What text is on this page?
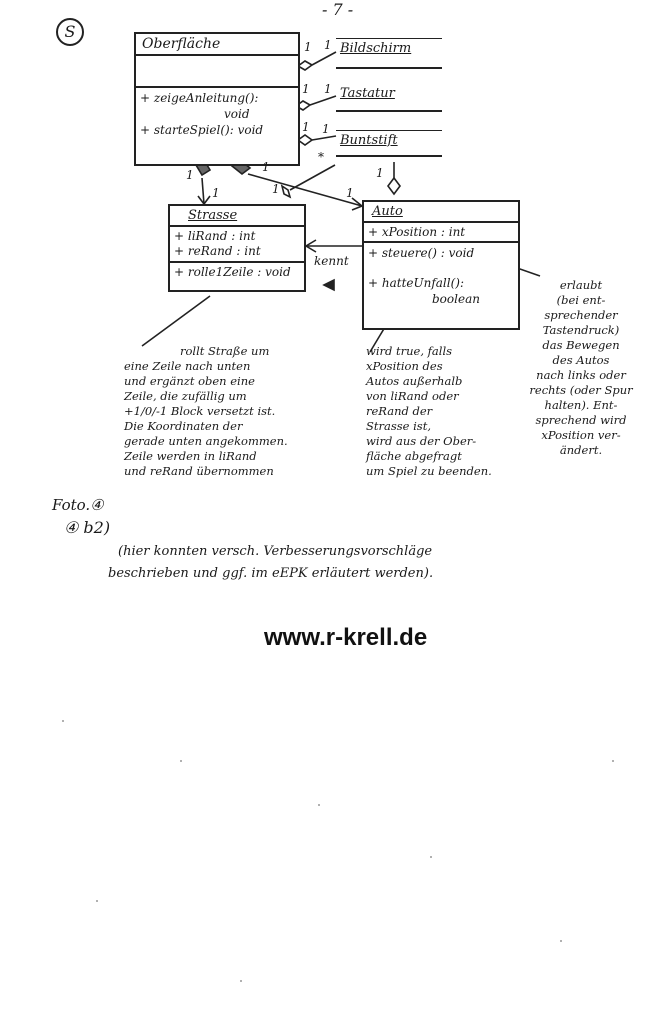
- 7 -
S
Oberfläche
+ zeigeAnleitung():
void
+ starteSpiel(): void
Bildschirm
Tastatur
Buntstift
Strasse
+ liRand : int
+ reRand : int
+ rolle1Zeile : void
Auto
+ xPosition : int
+ steuere() : void
+ hatteUnfall():
boolean
1
1
1
1
1
1
*
1
1	1
1
1
1
kennt
rollt Straße um
eine Zeile nach unten
und ergänzt oben eine
Zeile, die zufällig um
+1/0/-1 Block versetzt ist.
Die Koordinaten der
gerade unten angekommen.
Zeile werden in liRand
und reRand übernommen
wird true, falls
xPosition des
Autos außerhalb
von liRand oder
reRand der
Strasse ist,
wird aus der Ober-
fläche abgefragt
um Spiel zu beenden.
erlaubt
(bei ent-
sprechender
Tastendruck)
das Bewegen
des Autos
nach links oder
rechts (oder Spur
halten). Ent-
sprechend wird
xPosition ver-
ändert.
Foto.④
④ b2)
(hier konnten versch. Verbesserungsvorschläge
beschrieben und ggf. im eEPK erläutert werden).
www.r-krell.de
